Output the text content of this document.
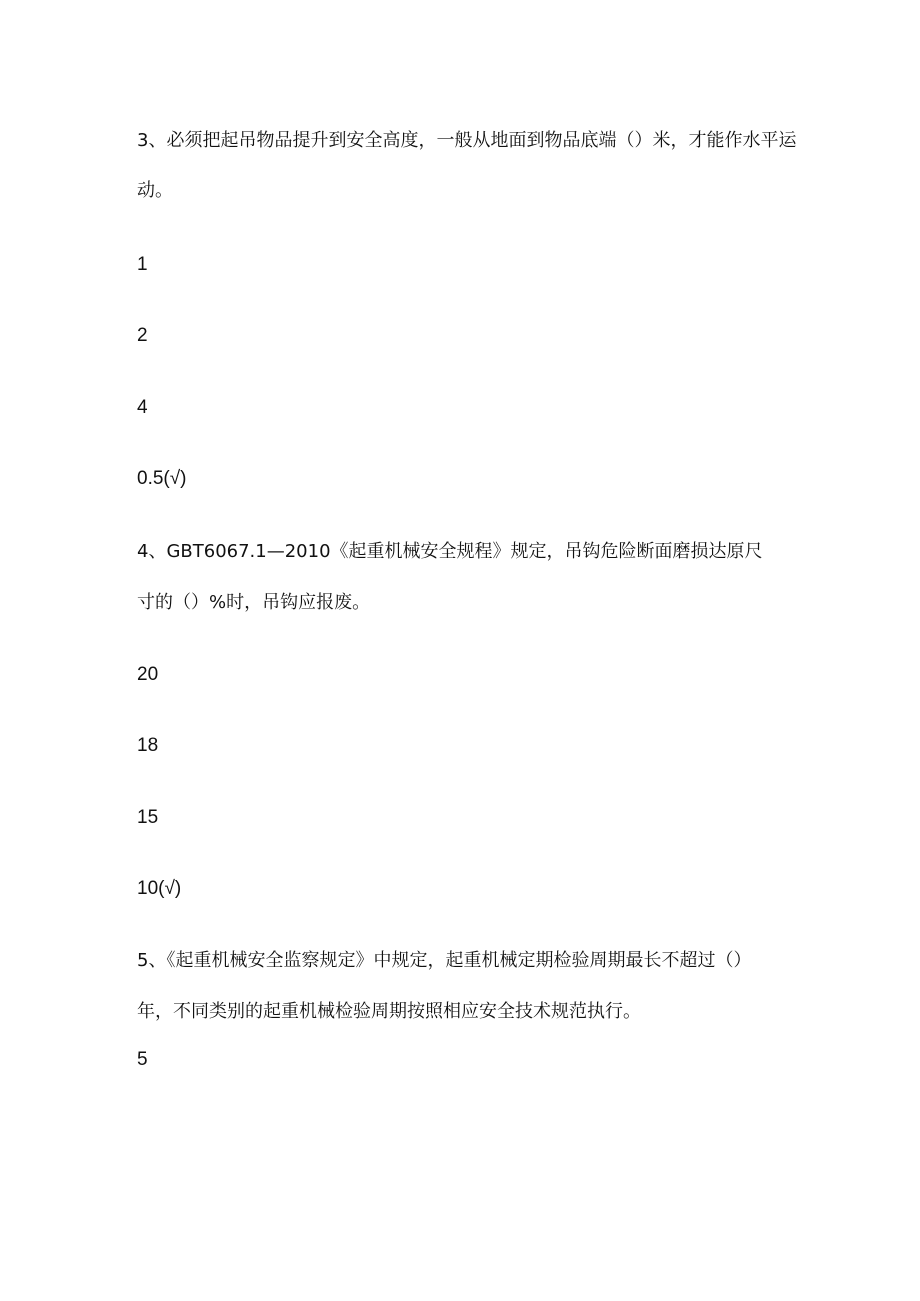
3、必须把起吊物品提升到安全高度，一般从地面到物品底端（）米，才能作水平运
动。
1
2
4
0.5(√)
4、GBT6067.1—2010《起重机械安全规程》规定，吊钩危险断面磨损达原尺
寸的（）%时，吊钩应报废。
20
18
15
10(√)
5、《起重机械安全监察规定》中规定，起重机械定期检验周期最长不超过（）
年，不同类别的起重机械检验周期按照相应安全技术规范执行。
5
